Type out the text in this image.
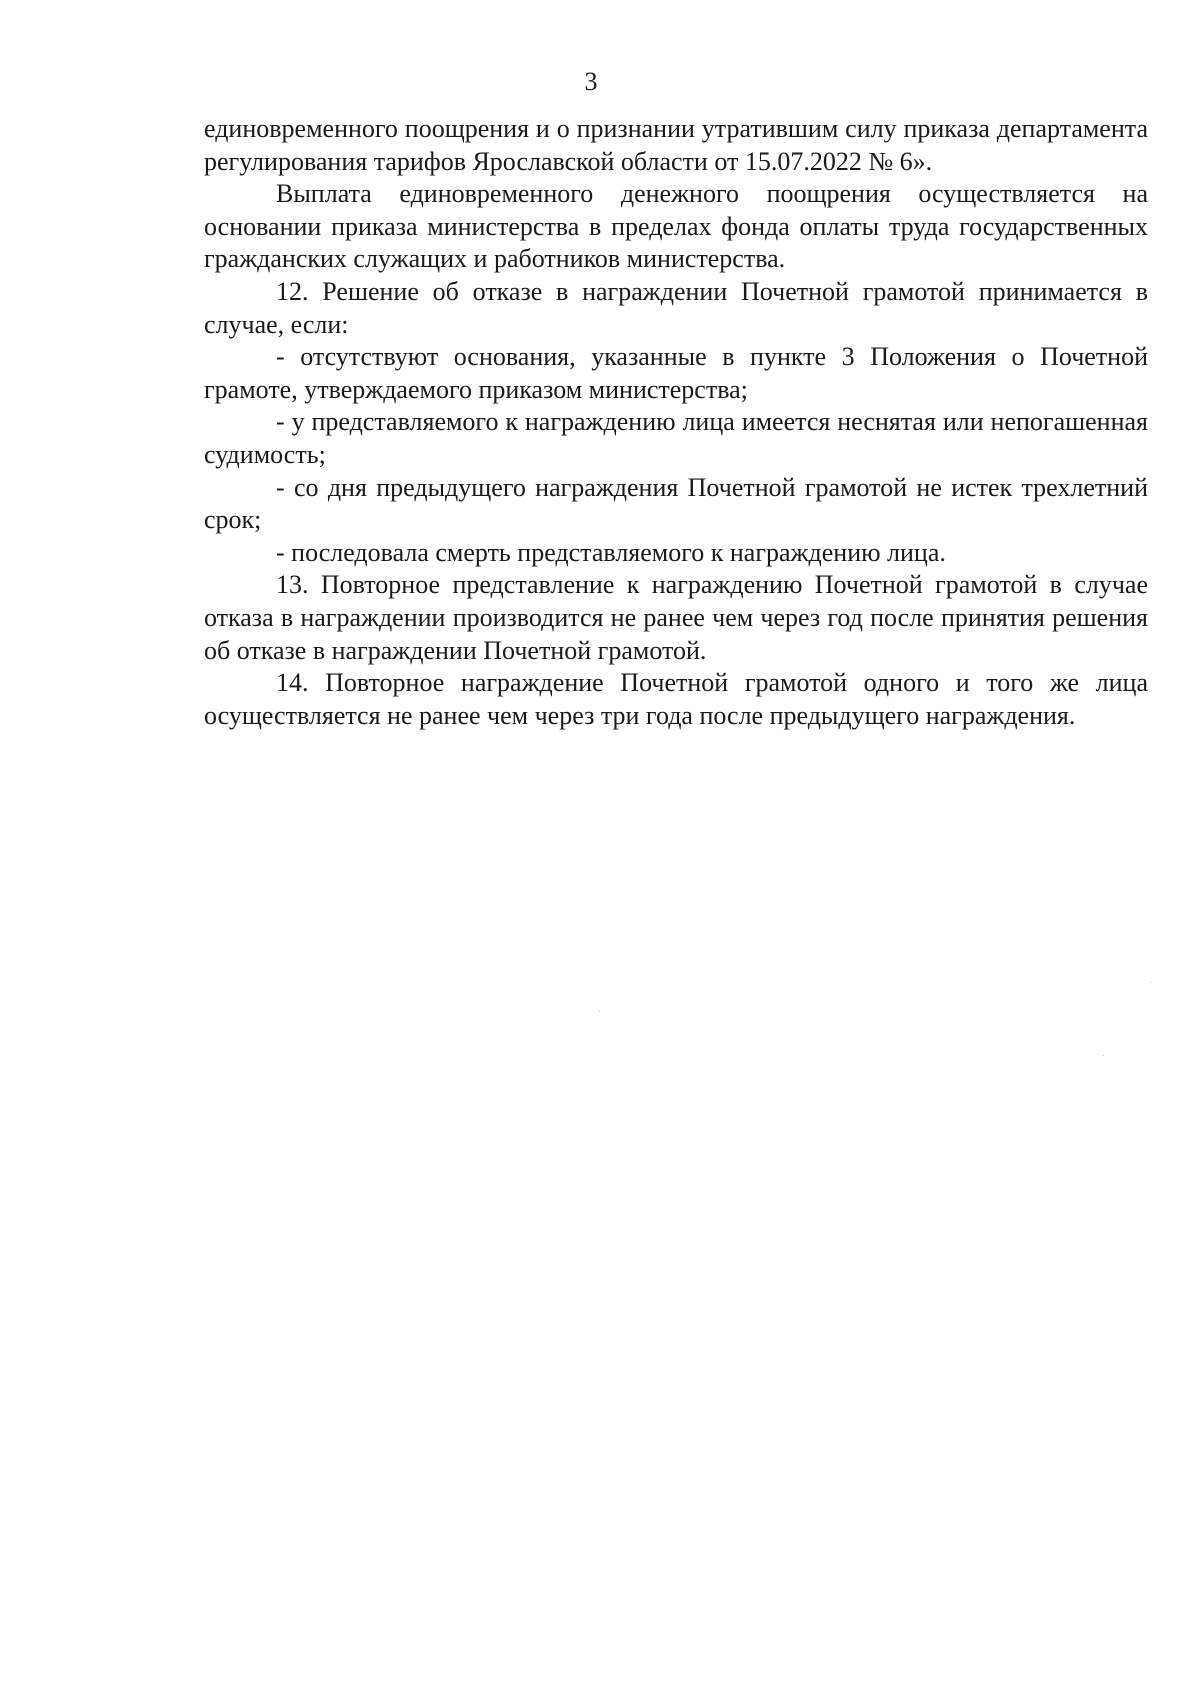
3

единовременного поощрения и о признании утратившим силу приказа департамента регулирования тарифов Ярославской области от 15.07.2022 № 6».

Выплата единовременного денежного поощрения осуществляется на основании приказа министерства в пределах фонда оплаты труда государственных гражданских служащих и работников министерства.

12. Решение об отказе в награждении Почетной грамотой принимается в случае, если:

- отсутствуют основания, указанные в пункте 3 Положения о Почетной грамоте, утверждаемого приказом министерства;

- у представляемого к награждению лица имеется неснятая или непогашенная судимость;

- со дня предыдущего награждения Почетной грамотой не истек трехлетний срок;

- последовала смерть представляемого к награждению лица.

13. Повторное представление к награждению Почетной грамотой в случае отказа в награждении производится не ранее чем через год после принятия решения об отказе в награждении Почетной грамотой.

14. Повторное награждение Почетной грамотой одного и того же лица осуществляется не ранее чем через три года после предыдущего награждения.
